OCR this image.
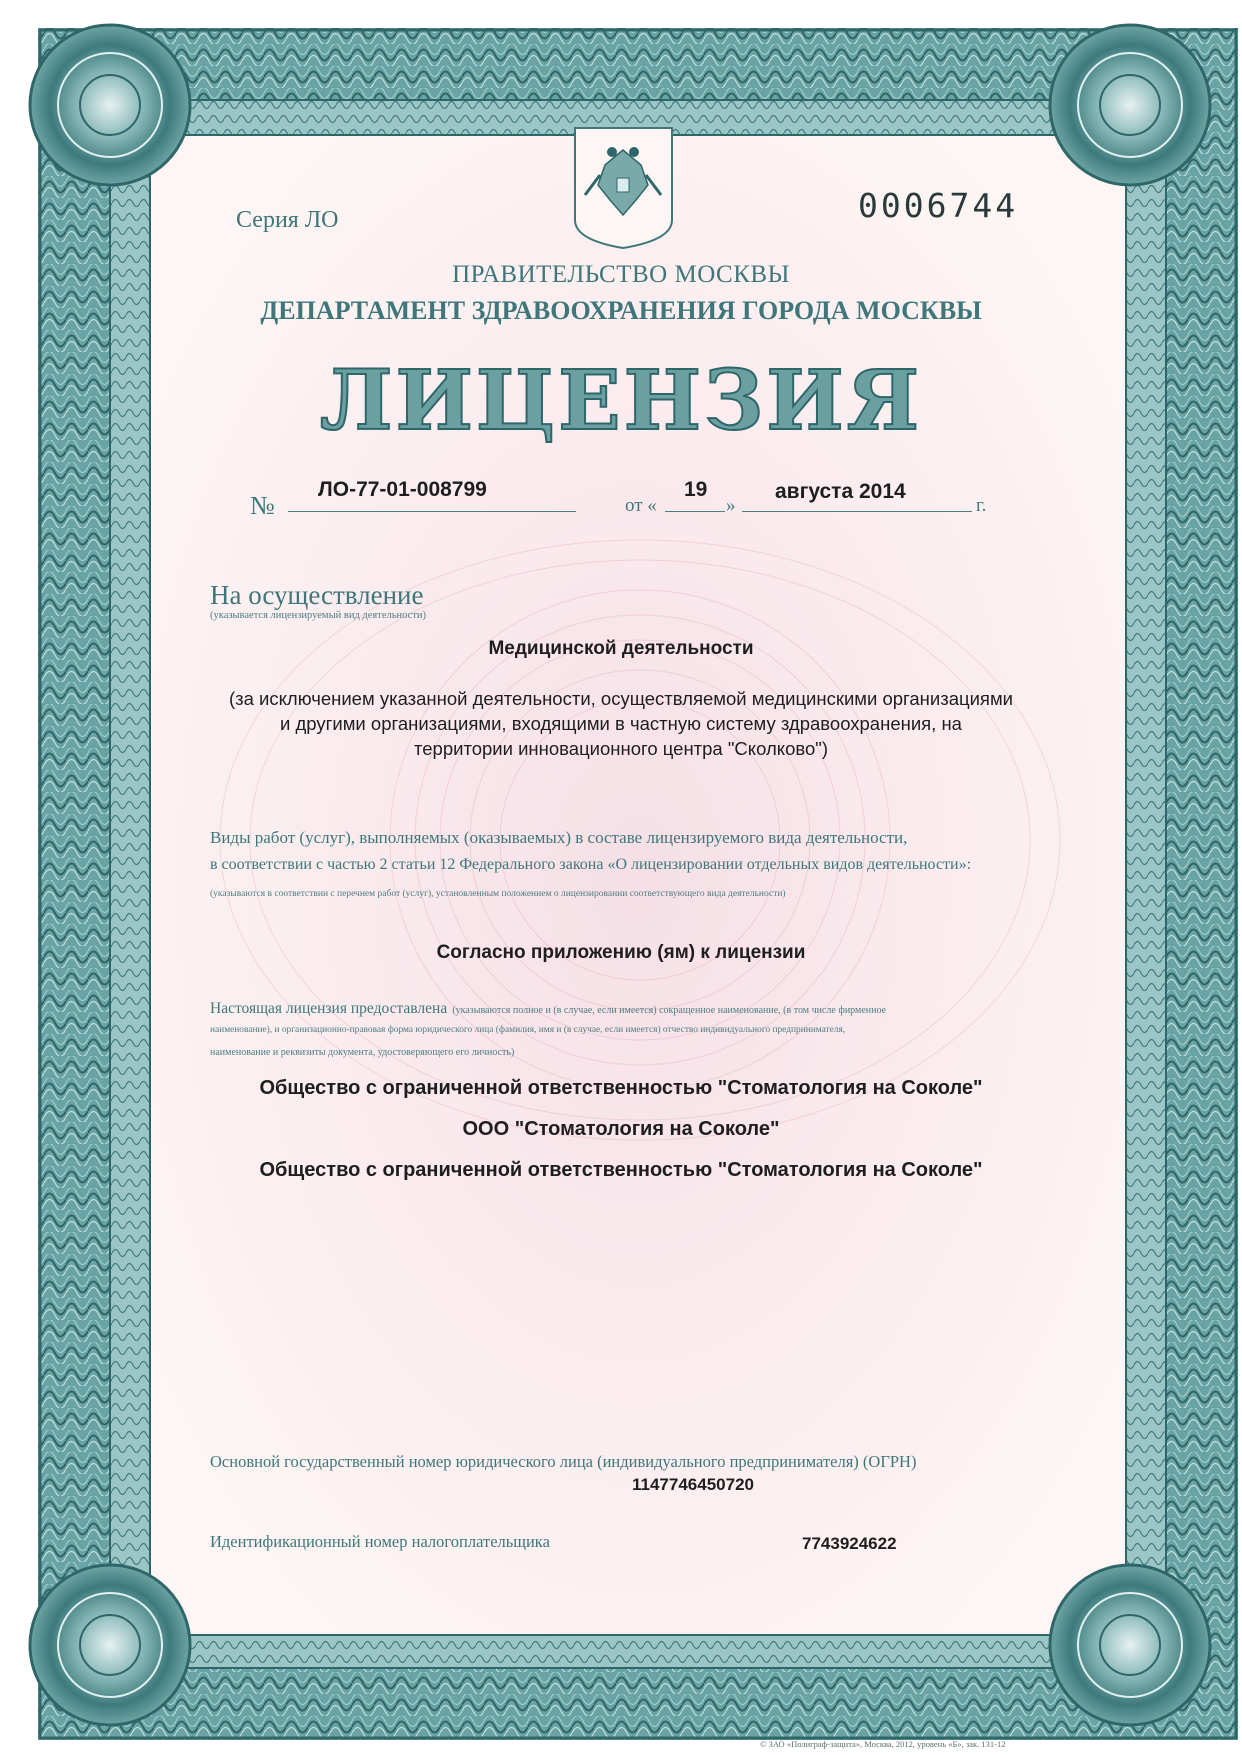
Серия ЛО	0006744
ПРАВИТЕЛЬСТВО МОСКВЫ
ДЕПАРТАМЕНТ ЗДРАВООХРАНЕНИЯ ГОРОДА МОСКВЫ
ЛИЦЕНЗИЯ
№
ЛО-77-01-008799
от «
19
»
августа 2014
г.
На осуществление
(указывается лицензируемый вид деятельности)
Медицинской деятельности
(за исключением указанной деятельности, осуществляемой медицинскими организациями
и другими организациями, входящими в частную систему здравоохранения, на
территории инновационного центра "Сколково")
Виды работ (услуг), выполняемых (оказываемых) в составе лицензируемого вида деятельности,
в соответствии с частью 2 статьи 12 Федерального закона «О лицензировании отдельных видов деятельности»:
(указываются в соответствии с перечнем работ (услуг), установленным положением о лицензировании соответствующего вида деятельности)
Согласно приложению (ям) к лицензии
Настоящая лицензия предоставлена (указываются полное и (в случае, если имеется) сокращенное наименование, (в том числе фирменное
наименование), и организационно-правовая форма юридического лица (фамилия, имя и (в случае, если имеется) отчество индивидуального предпринимателя,
наименование и реквизиты документа, удостоверяющего его личность)
Общество с ограниченной ответственностью "Стоматология на Соколе"
ООО "Стоматология на Соколе"
Общество с ограниченной ответственностью "Стоматология на Соколе"
Основной государственный номер юридического лица (индивидуального предпринимателя) (ОГРН)
1147746450720
Идентификационный номер налогоплательщика	7743924622
© ЗАО «Полиграф-защита», Москва, 2012, уровень «Б», зак. 131-12
